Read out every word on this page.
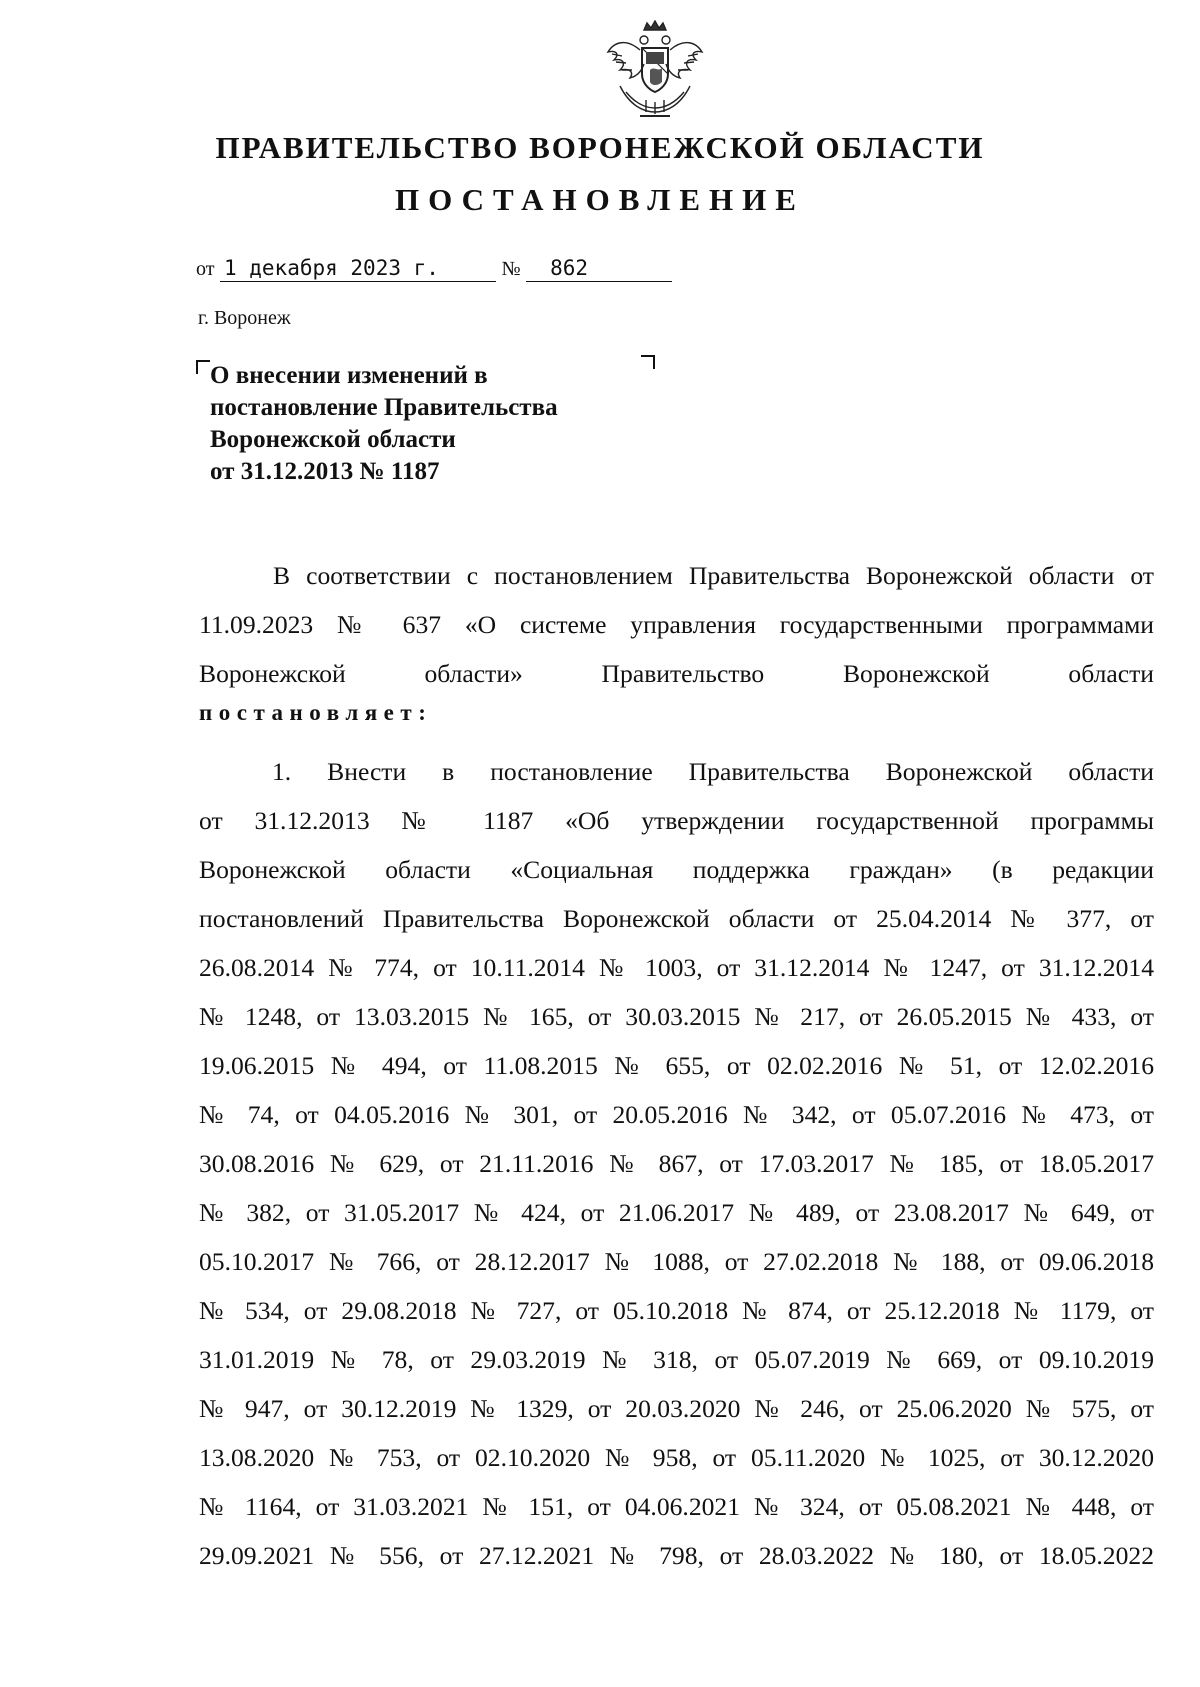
ПРАВИТЕЛЬСТВО ВОРОНЕЖСКОЙ ОБЛАСТИ
ПОСТАНОВЛЕНИЕ
от 1 декабря 2023 г.	№ 862
г. Воронеж
О внесении изменений в
постановление Правительства
Воронежской области
от 31.12.2013 № 1187
В соответствии с постановлением Правительства Воронежской области от 11.09.2023 № 637 «О системе управления государственными программами Воронежской области» Правительство Воронежской области
постановляет:
1. Внести в постановление Правительства Воронежской области
от 31.12.2013 № 1187 «Об утверждении государственной программы
Воронежской области «Социальная поддержка граждан» (в редакции
постановлений Правительства Воронежской области от 25.04.2014 № 377, от
26.08.2014 № 774, от 10.11.2014 № 1003, от 31.12.2014 № 1247, от 31.12.2014
№ 1248, от 13.03.2015 № 165, от 30.03.2015 № 217, от 26.05.2015 № 433, от
19.06.2015 № 494, от 11.08.2015 № 655, от 02.02.2016 № 51, от 12.02.2016
№ 74, от 04.05.2016 № 301, от 20.05.2016 № 342, от 05.07.2016 № 473, от
30.08.2016 № 629, от 21.11.2016 № 867, от 17.03.2017 № 185, от 18.05.2017
№ 382, от 31.05.2017 № 424, от 21.06.2017 № 489, от 23.08.2017 № 649, от
05.10.2017 № 766, от 28.12.2017 № 1088, от 27.02.2018 № 188, от 09.06.2018
№ 534, от 29.08.2018 № 727, от 05.10.2018 № 874, от 25.12.2018 № 1179, от
31.01.2019 № 78, от 29.03.2019 № 318, от 05.07.2019 № 669, от 09.10.2019
№ 947, от 30.12.2019 № 1329, от 20.03.2020 № 246, от 25.06.2020 № 575, от
13.08.2020 № 753, от 02.10.2020 № 958, от 05.11.2020 № 1025, от 30.12.2020
№ 1164, от 31.03.2021 № 151, от 04.06.2021 № 324, от 05.08.2021 № 448, от
29.09.2021 № 556, от 27.12.2021 № 798, от 28.03.2022 № 180, от 18.05.2022
